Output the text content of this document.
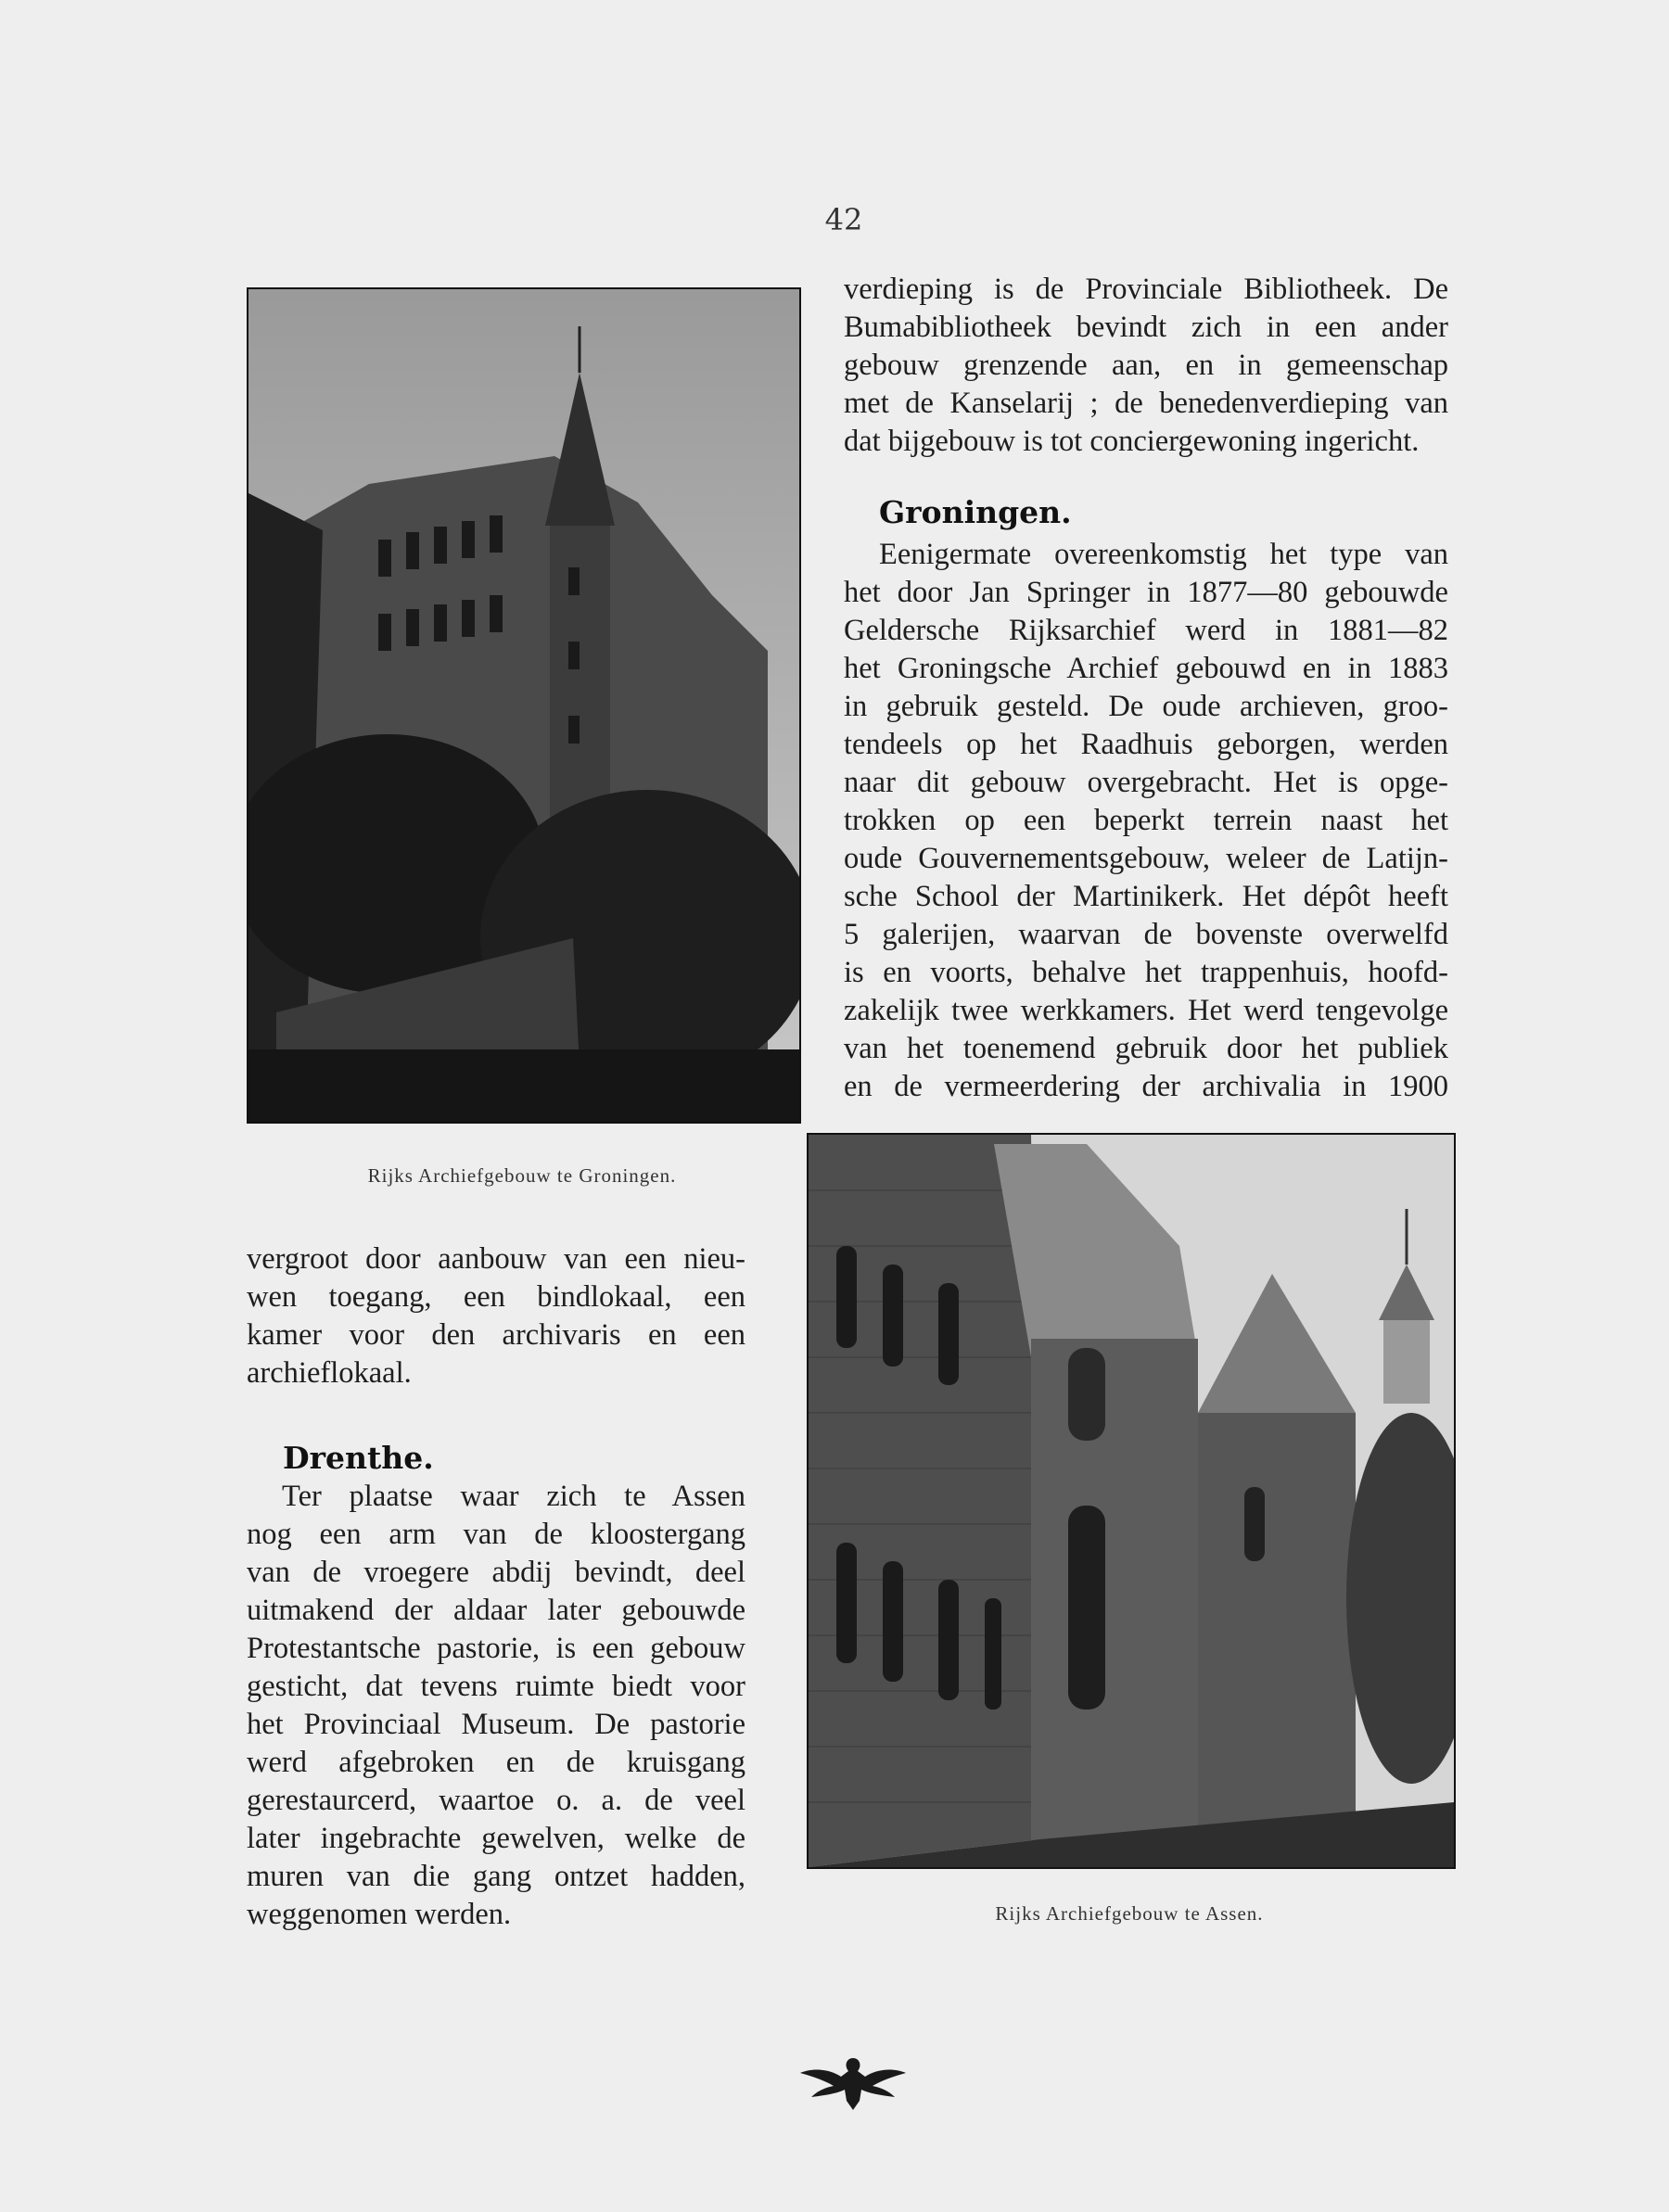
42
Rijks Archiefgebouw te Groningen.
verdieping is de Provinciale Bibliotheek. De
Bumabibliotheek bevindt zich in een ander
gebouw grenzende aan, en in gemeenschap
met de Kanselarij ; de benedenverdieping van
dat bijgebouw is tot conciergewoning ingericht.
Groningen.
Eenigermate overeenkomstig het type van
het door Jan Springer in 1877—80 gebouwde
Geldersche Rijksarchief werd in 1881—82
het Groningsche Archief gebouwd en in 1883
in gebruik gesteld. De oude archieven, groo-
tendeels op het Raadhuis geborgen, werden
naar dit gebouw overgebracht. Het is opge-
trokken op een beperkt terrein naast het
oude Gouvernementsgebouw, weleer de Latijn-
sche School der Martinikerk. Het dépôt heeft
5 galerijen, waarvan de bovenste overwelfd
is en voorts, behalve het trappenhuis, hoofd-
zakelijk twee werkkamers. Het werd tengevolge
van het toenemend gebruik door het publiek
en de vermeerdering der archivalia in 1900
vergroot door aanbouw van een nieu-
wen toegang, een bindlokaal, een
kamer voor den archivaris en een
archieflokaal.
Drenthe.
Ter plaatse waar zich te Assen
nog een arm van de kloostergang
van de vroegere abdij bevindt, deel
uitmakend der aldaar later gebouwde
Protestantsche pastorie, is een gebouw
gesticht, dat tevens ruimte biedt voor
het Provinciaal Museum. De pastorie
werd afgebroken en de kruisgang
gerestaurcerd, waartoe o. a. de veel
later ingebrachte gewelven, welke de
muren van die gang ontzet hadden,
weggenomen werden.	Rijks Archiefgebouw te Assen.
